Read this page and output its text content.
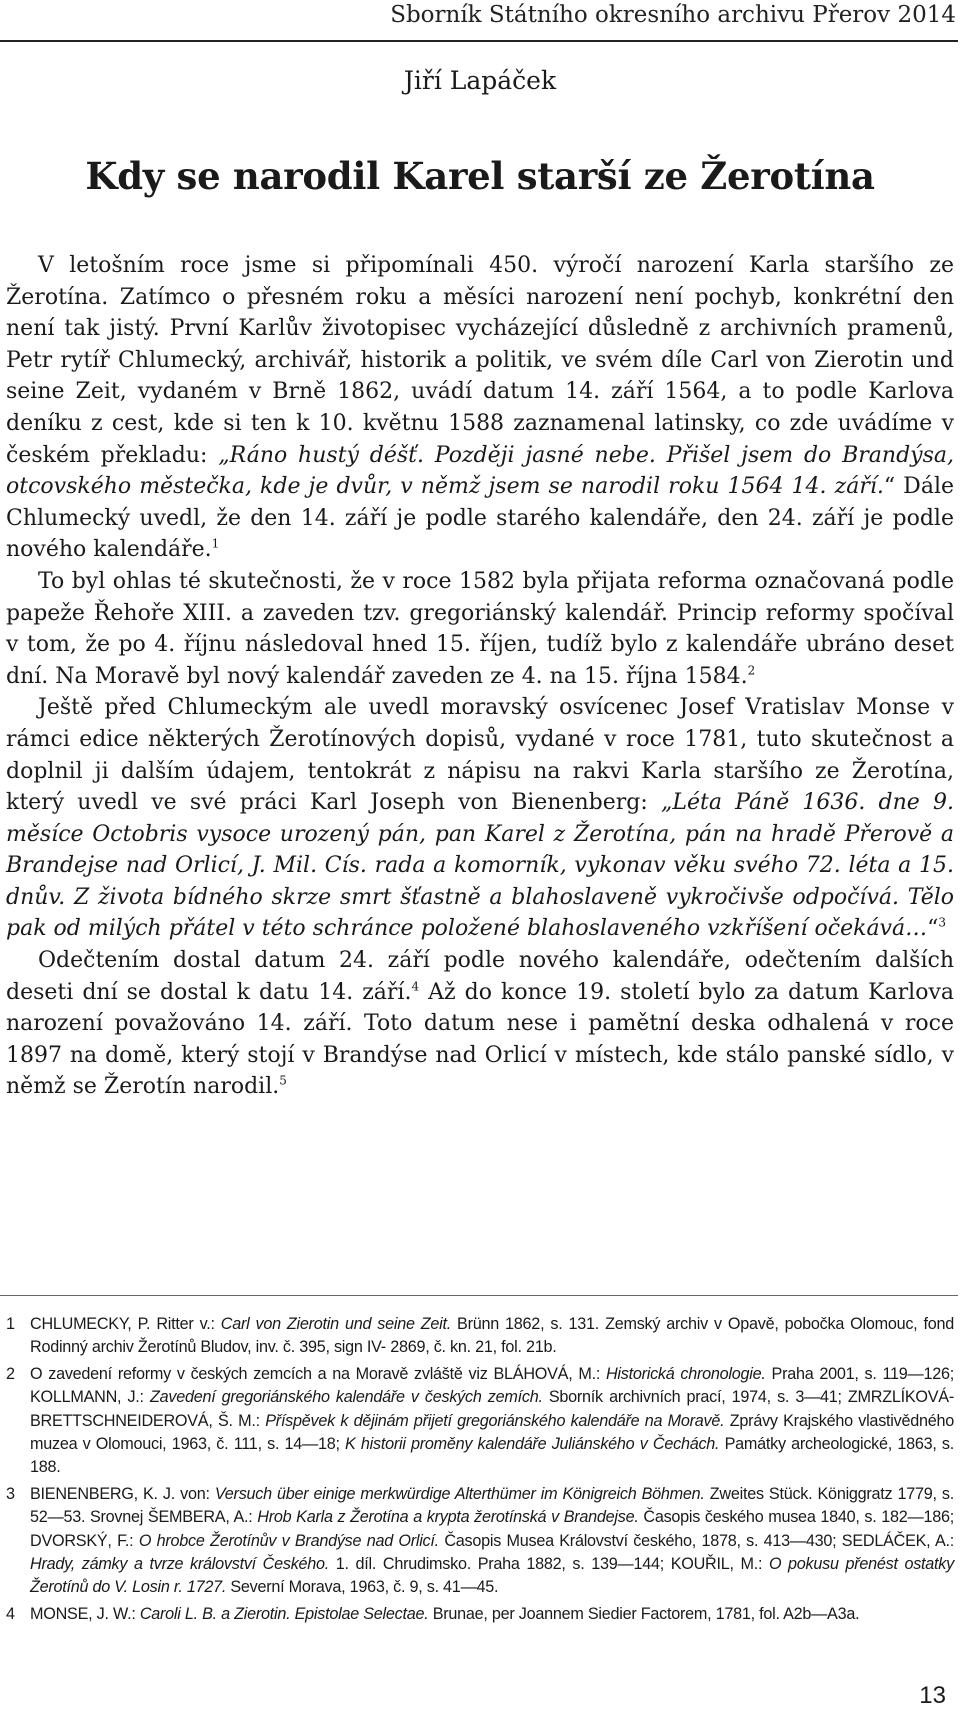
Sborník Státního okresního archivu Přerov 2014
Jiří Lapáček
Kdy se narodil Karel starší ze Žerotína

V letošním roce jsme si připomínali 450. výročí narození Karla staršího ze Žerotína. Zatímco o přesném roku a měsíci narození není pochyb, konkrétní den není tak jistý. První Karlův životopisec vycházející důsledně z archivních pramenů, Petr rytíř Chlumecký, archivář, historik a politik, ve svém díle Carl von Zierotin und seine Zeit, vydaném v Brně 1862, uvádí datum 14. září 1564, a to podle Karlova deníku z cest, kde si ten k 10. květnu 1588 zaznamenal latinsky, co zde uvádíme v českém překladu: „Ráno hustý déšť. Později jasné nebe. Přišel jsem do Brandýsa, otcovského městečka, kde je dvůr, v němž jsem se narodil roku 1564 14. září.“ Dále Chlumecký uvedl, že den 14. září je podle starého kalendáře, den 24. září je podle nového kalendáře.$^1$

To byl ohlas té skutečnosti, že v roce 1582 byla přijata reforma označovaná podle papeže Řehoře XIII. a zaveden tzv. gregoriánský kalendář. Princip reformy spočíval v tom, že po 4. říjnu následoval hned 15. říjen, tudíž bylo z kalendáře ubráno deset dní. Na Moravě byl nový kalendář zaveden ze 4. na 15. října 1584.$^2$

Ještě před Chlumeckým ale uvedl moravský osvícenec Josef Vratislav Monse v rámci edice některých Žerotínových dopisů, vydané v roce 1781, tuto skutečnost a doplnil ji dalším údajem, tentokrát z nápisu na rakvi Karla staršího ze Žerotína, který uvedl ve své práci Karl Joseph von Bienenberg: „Léta Páně 1636. dne 9. měsíce Octobris vysoce urozený pán, pan Karel z Žerotína, pán na hradě Přerově a Brandejse nad Orlicí, J. Mil. Cís. rada a komorník, vykonav věku svého 72. léta a 15. dnův. Z života bídného skrze smrt šťastně a blahoslaveně vykročivše odpočívá. Tělo pak od milých přátel v této schránce položené blahoslaveného vzkříšení očekává…“$^3$

Odečtením dostal datum 24. září podle nového kalendáře, odečtením dalších deseti dní se dostal k datu 14. září.$^4$ Až do konce 19. století bylo za datum Karlova narození považováno 14. září. Toto datum nese i pamětní deska odhalená v roce 1897 na domě, který stojí v Brandýse nad Orlicí v místech, kde stálo panské sídlo, v němž se Žerotín narodil.$^5$

1 CHLUMECKY, P. Ritter v.: Carl von Zierotin und seine Zeit. Brünn 1862, s. 131. Zemský archiv v Opavě, pobočka Olomouc, fond Rodinný archiv Žerotínů Bludov, inv. č. 395, sign IV- 2869, č. kn. 21, fol. 21b.
2 O zavedení reformy v českých zemcích a na Moravě zvláště viz BLÁHOVÁ, M.: Historická chronologie. Praha 2001, s. 119—126; KOLLMANN, J.: Zavedení gregoriánského kalendáře v českých zemích. Sborník archivních prací, 1974, s. 3—41; ZMRZLÍKOVÁ-BRETTSCHNEIDEROVÁ, Š. M.: Příspěvek k dějinám přijetí gregoriánského kalendáře na Moravě. Zprávy Krajského vlastivědného muzea v Olomouci, 1963, č. 111, s. 14—18; K historii proměny kalendáře Juliánského v Čechách. Památky archeologické, 1863, s. 188.
3 BIENENBERG, K. J. von: Versuch über einige merkwürdige Alterthümer im Königreich Böhmen. Zweites Stück. Königgratz 1779, s. 52—53. Srovnej ŠEMBERA, A.: Hrob Karla z Žerotína a krypta žerotínská v Brandejse. Časopis českého musea 1840, s. 182—186; DVORSKÝ, F.: O hrobce Žerotínův v Brandýse nad Orlicí. Časopis Musea Království českého, 1878, s. 413—430; SEDLÁČEK, A.: Hrady, zámky a tvrze království Českého. 1. díl. Chrudimsko. Praha 1882, s. 139—144; KOUŘIL, M.: O pokusu přenést ostatky Žerotínů do V. Losin r. 1727. Severní Morava, 1963, č. 9, s. 41—45.
4 MONSE, J. W.: Caroli L. B. a Zierotin. Epistolae Selectae. Brunae, per Joannem Siedier Factorem, 1781, fol. A2b—A3a.
13
